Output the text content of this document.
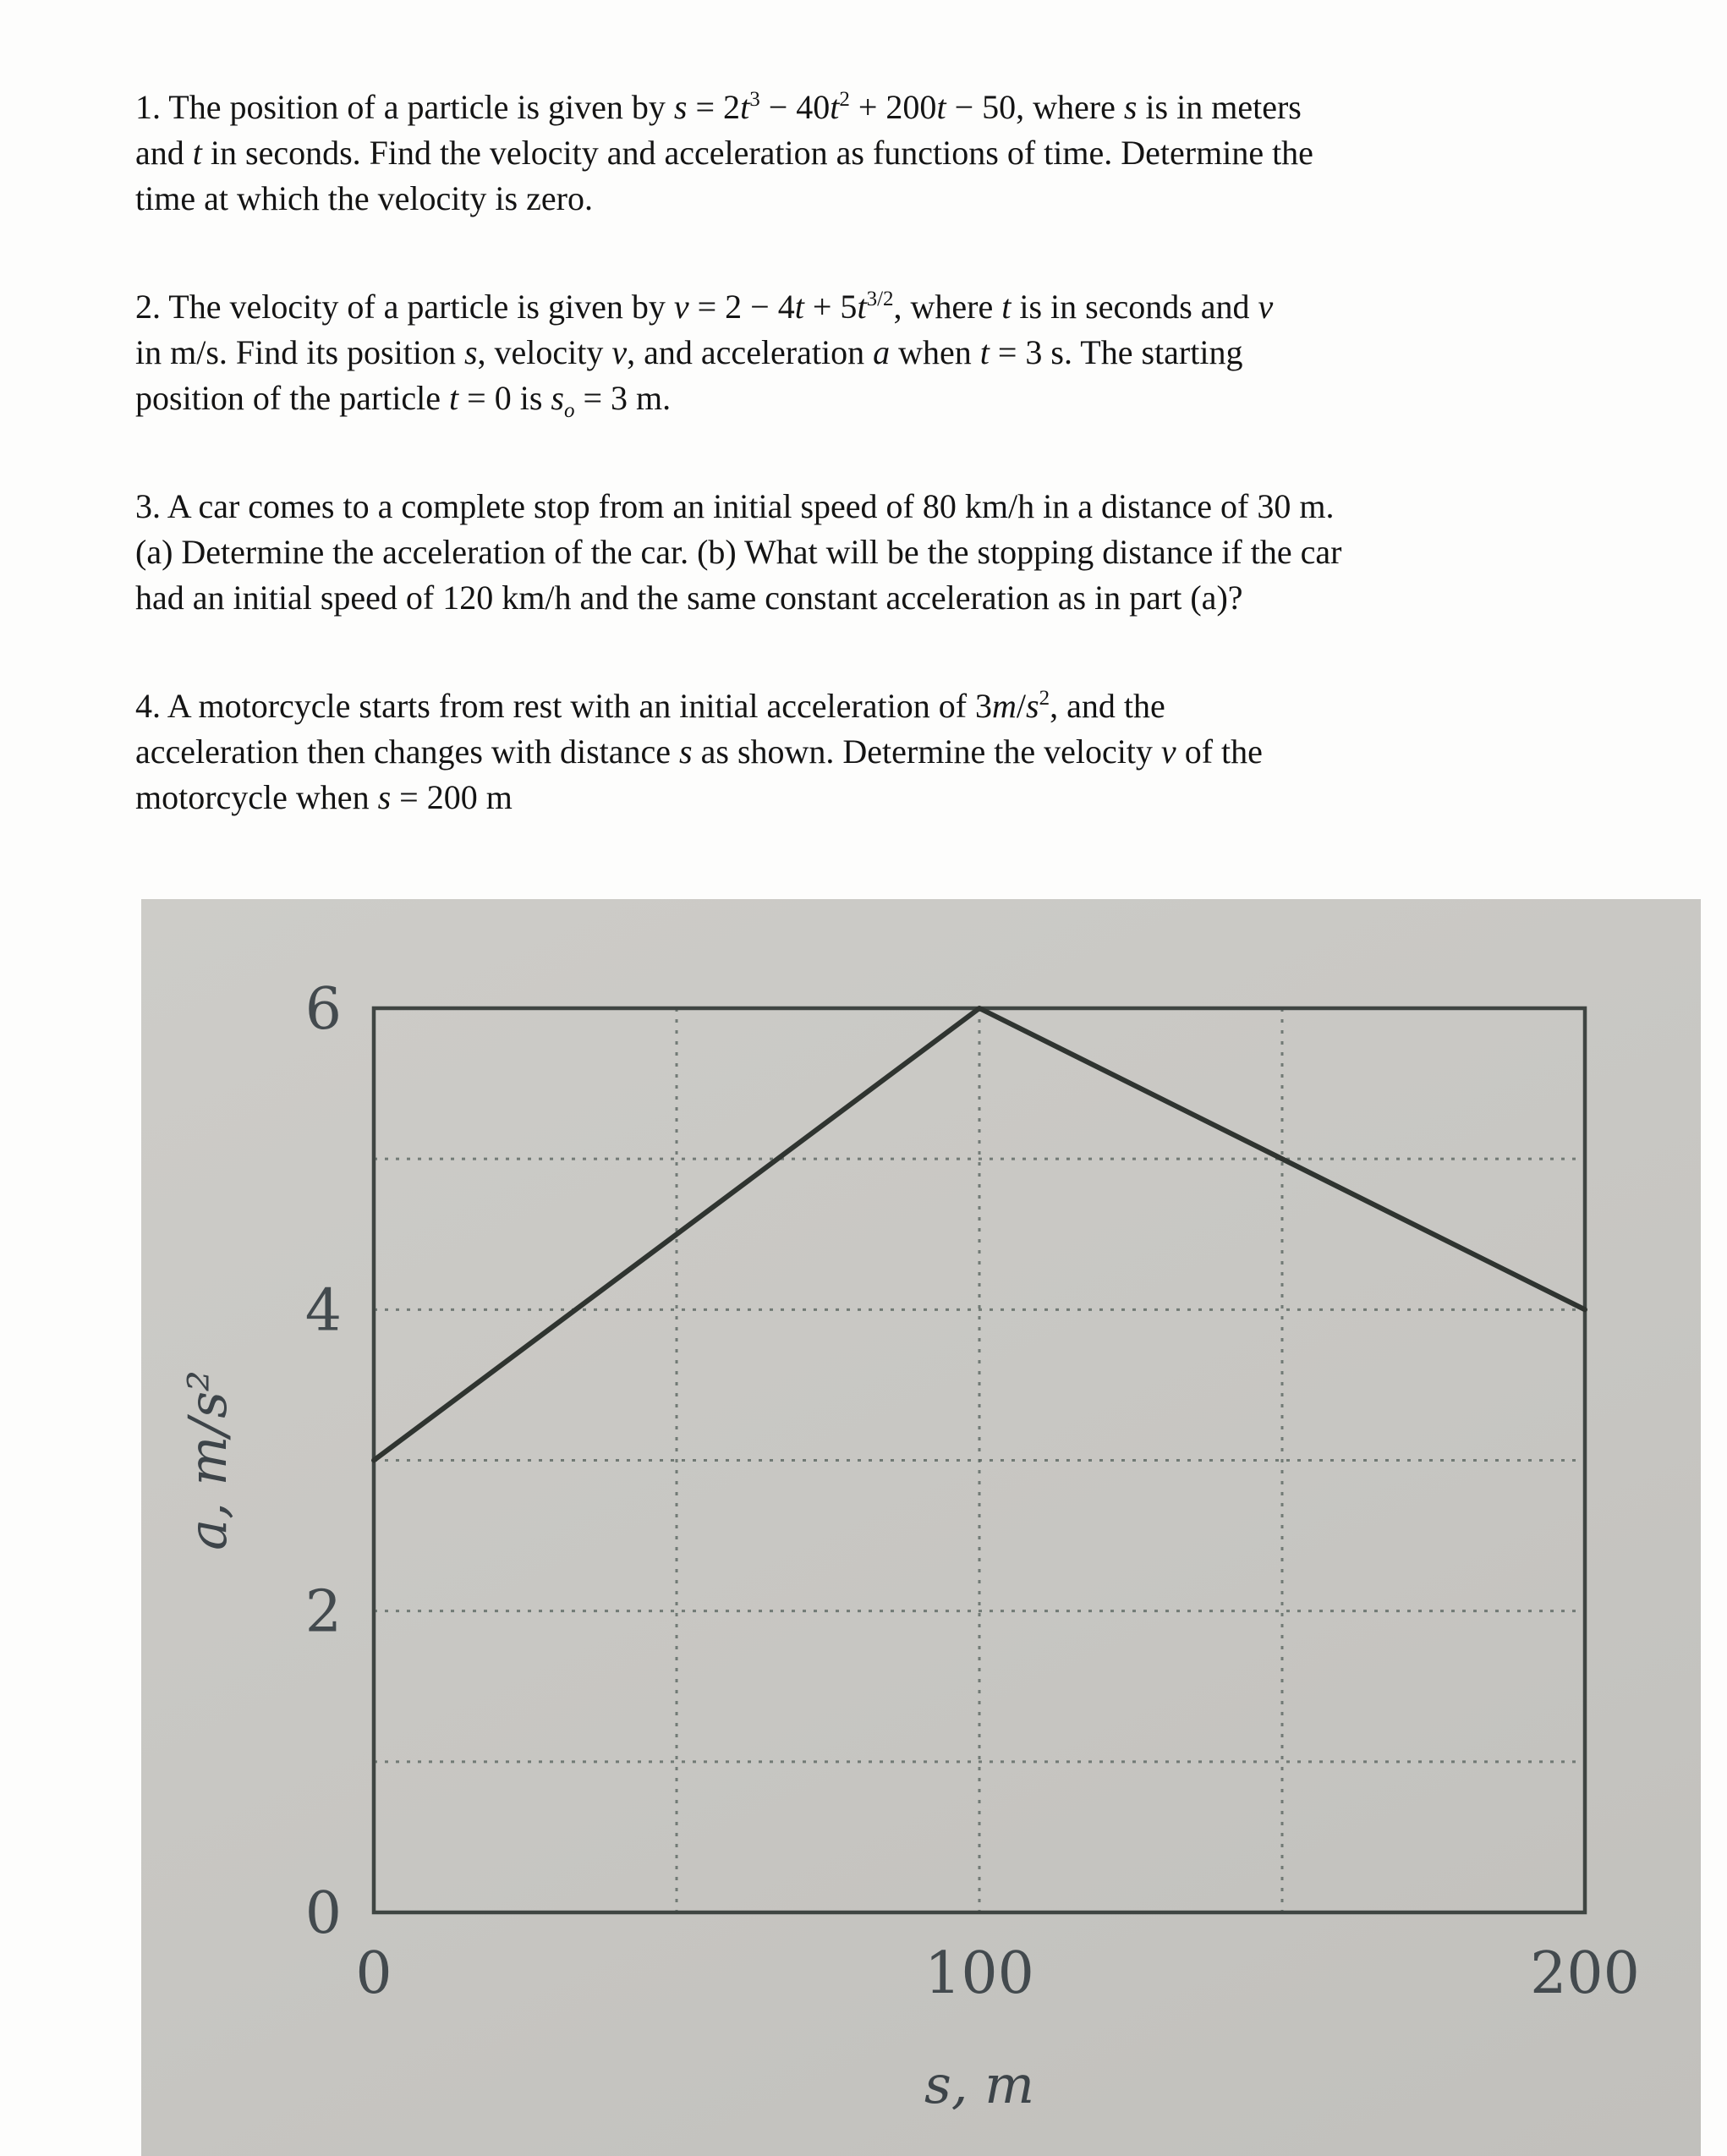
1. The position of a particle is given by $s = 2t^3 - 40t^2 + 200t - 50$, where s is in meters
and t in seconds. Find the velocity and acceleration as functions of time. Determine the
time at which the velocity is zero.

2. The velocity of a particle is given by $v = 2 - 4t + 5t^{3/2}$, where t is in seconds and v
in m/s. Find its position s, velocity v, and acceleration a when t = 3 s. The starting
position of the particle t = 0 is $s_o = 3$ m.

3. A car comes to a complete stop from an initial speed of 80 km/h in a distance of 30 m.
(a) Determine the acceleration of the car. (b) What will be the stopping distance if the car
had an initial speed of 120 km/h and the same constant acceleration as in part (a)?

4. A motorcycle starts from rest with an initial acceleration of $3m/s^2$, and the
acceleration then changes with distance s as shown. Determine the velocity v of the
motorcycle when s = 200 m

0
2
4
6
0	100	200
s, m
a, m/s²
